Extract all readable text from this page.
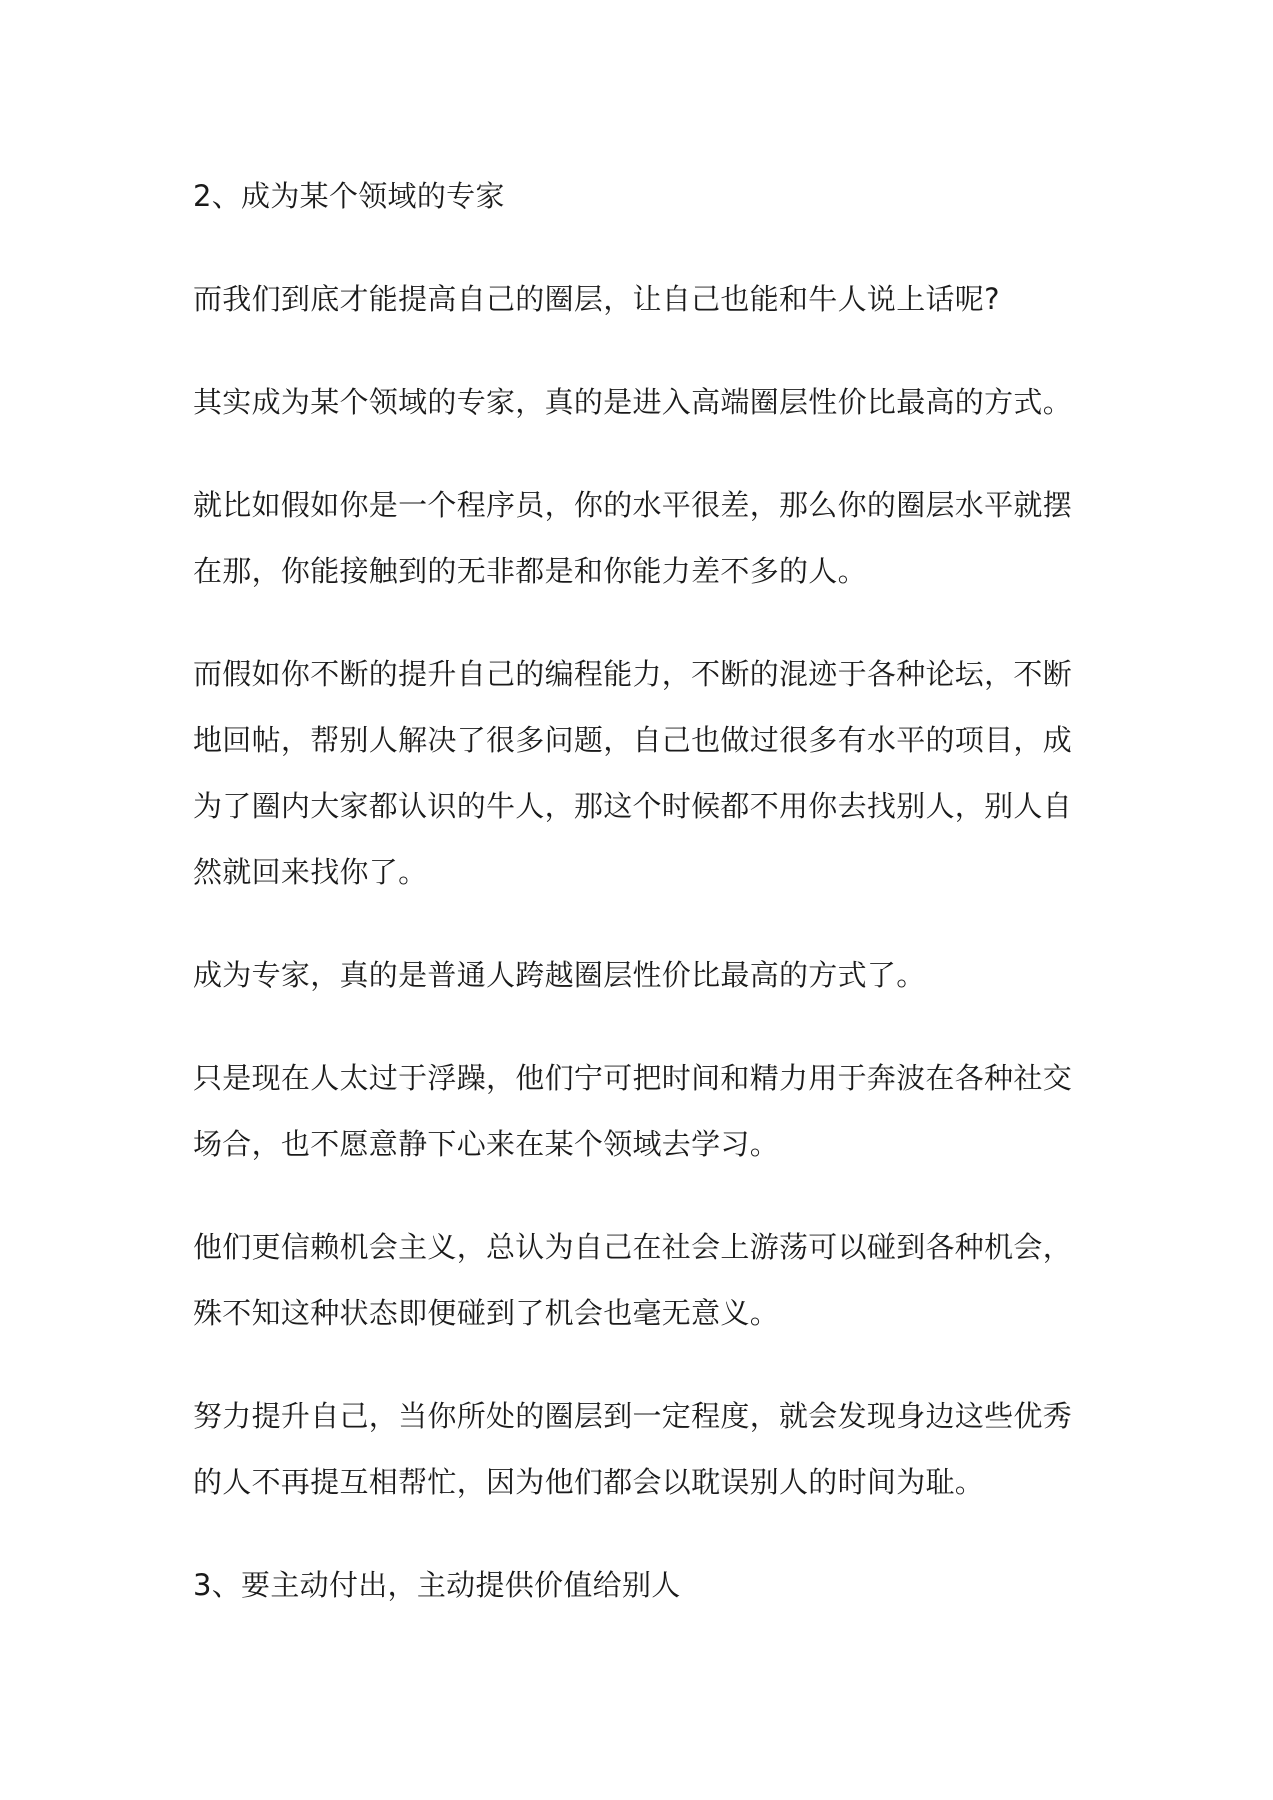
2、成为某个领域的专家

而我们到底才能提高自己的圈层，让自己也能和牛人说上话呢?

其实成为某个领域的专家，真的是进入高端圈层性价比最高的方式。

就比如假如你是一个程序员，你的水平很差，那么你的圈层水平就摆在那，你能接触到的无非都是和你能力差不多的人。

而假如你不断的提升自己的编程能力，不断的混迹于各种论坛，不断地回帖，帮别人解决了很多问题，自己也做过很多有水平的项目，成为了圈内大家都认识的牛人，那这个时候都不用你去找别人，别人自然就回来找你了。

成为专家，真的是普通人跨越圈层性价比最高的方式了。

只是现在人太过于浮躁，他们宁可把时间和精力用于奔波在各种社交场合，也不愿意静下心来在某个领域去学习。

他们更信赖机会主义，总认为自己在社会上游荡可以碰到各种机会，殊不知这种状态即便碰到了机会也毫无意义。

努力提升自己，当你所处的圈层到一定程度，就会发现身边这些优秀的人不再提互相帮忙，因为他们都会以耽误别人的时间为耻。

3、要主动付出，主动提供价值给别人
